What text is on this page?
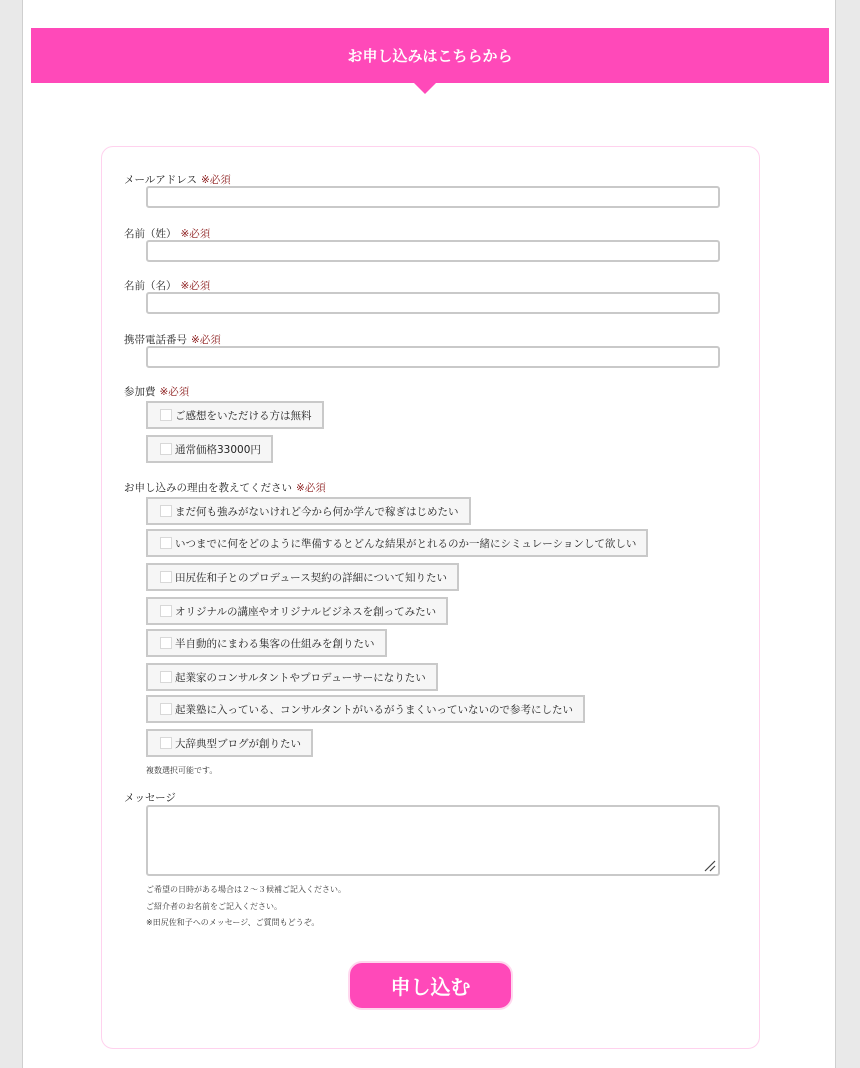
お申し込みはこちらから
メールアドレス ※必須
名前（姓） ※必須
名前（名） ※必須
携帯電話番号 ※必須
参加費 ※必須
ご感想をいただける方は無料
通常価格33000円
お申し込みの理由を教えてください ※必須
まだ何も強みがないけれど今から何か学んで稼ぎはじめたい
いつまでに何をどのように準備するとどんな結果がとれるのか一緒にシミュレーションして欲しい
田尻佐和子とのプロデュース契約の詳細について知りたい
オリジナルの講座やオリジナルビジネスを創ってみたい
半自動的にまわる集客の仕組みを創りたい
起業家のコンサルタントやプロデューサーになりたい
起業塾に入っている、コンサルタントがいるがうまくいっていないので参考にしたい
大辞典型ブログが創りたい
複数選択可能です。
メッセージ
ご希望の日時がある場合は２〜３候補ご記入ください。
ご紹介者のお名前をご記入ください。
※田尻佐和子へのメッセージ、ご質問もどうぞ。
申し込む
